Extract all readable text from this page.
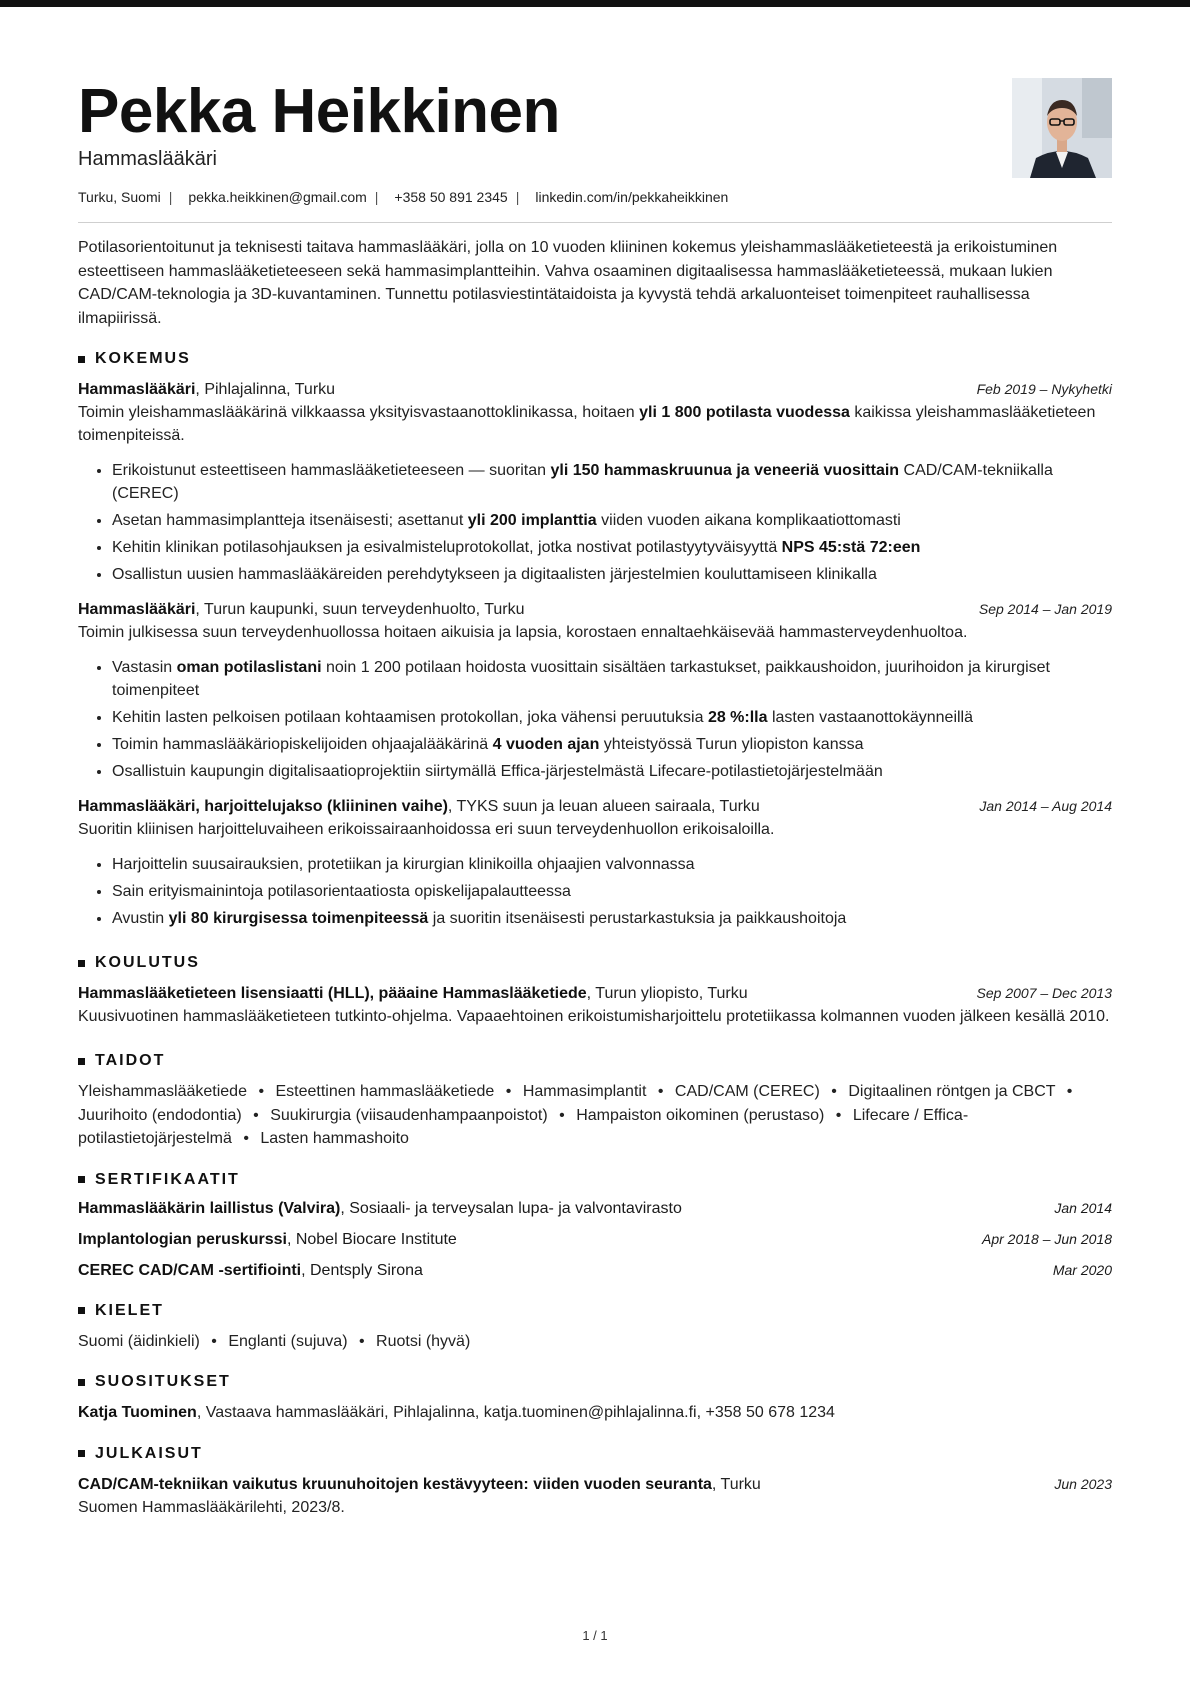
Pekka Heikkinen
Hammaslääkäri
Turku, Suomi | pekka.heikkinen@gmail.com | +358 50 891 2345 | linkedin.com/in/pekkaheikkinen
Potilasorientoitunut ja teknisesti taitava hammaslääkäri, jolla on 10 vuoden kliininen kokemus yleishammaslääketieteestä ja erikoistuminen esteettiseen hammaslääketieteeseen sekä hammasimplantteihin. Vahva osaaminen digitaalisessa hammaslääketieteessä, mukaan lukien CAD/CAM-teknologia ja 3D-kuvantaminen. Tunnettu potilasviestintätaidoista ja kyvystä tehdä arkaluonteiset toimenpiteet rauhallisessa ilmapiirissä.
KOKEMUS
Hammaslääkäri, Pihlajalinna, Turku	Feb 2019 – Nykyhetki
Toimin yleishammaslääkärinä vilkkaassa yksityisvastaanottoklinikassa, hoitaen yli 1 800 potilasta vuodessa kaikissa yleishammaslääketieteen toimenpiteissä.
• Erikoistunut esteettiseen hammaslääketieteeseen — suoritan yli 150 hammaskruunua ja veneeriä vuosittain CAD/CAM-tekniikalla (CEREC)
• Asetan hammasimplantteja itsenäisesti; asettanut yli 200 implanttia viiden vuoden aikana komplikaatiottomasti
• Kehitin klinikan potilasohjauksen ja esivalmisteluprotokollat, jotka nostivat potilastyytyväisyyttä NPS 45:stä 72:een
• Osallistun uusien hammaslääkäreiden perehdytykseen ja digitaalisten järjestelmien kouluttamiseen klinikalla
Hammaslääkäri, Turun kaupunki, suun terveydenhuolto, Turku	Sep 2014 – Jan 2019
Toimin julkisessa suun terveydenhuollossa hoitaen aikuisia ja lapsia, korostaen ennaltaehkäisevää hammasterveydenhuoltoa.
• Vastasin oman potilaslistani noin 1 200 potilaan hoidosta vuosittain sisältäen tarkastukset, paikkaushoidon, juurihoidon ja kirurgiset toimenpiteet
• Kehitin lasten pelkoisen potilaan kohtaamisen protokollan, joka vähensi peruutuksia 28 %:lla lasten vastaanottokäynneillä
• Toimin hammaslääkäriopiskelijoiden ohjaajalääkärinä 4 vuoden ajan yhteistyössä Turun yliopiston kanssa
• Osallistuin kaupungin digitalisaatioprojektiin siirtymällä Effica-järjestelmästä Lifecare-potilastietojärjestelmään
Hammaslääkäri, harjoittelujakso (kliininen vaihe), TYKS suun ja leuan alueen sairaala, Turku	Jan 2014 – Aug 2014
Suoritin kliinisen harjoitteluvaiheen erikoissairaanhoidossa eri suun terveydenhuollon erikoisaloilla.
• Harjoittelin suusairauksien, protetiikan ja kirurgian klinikoilla ohjaajien valvonnassa
• Sain erityismainintoja potilasorientaatiosta opiskelijapalautteessa
• Avustin yli 80 kirurgisessa toimenpiteessä ja suoritin itsenäisesti perustarkastuksia ja paikkaushoitoja
KOULUTUS
Hammaslääketieteen lisensiaatti (HLL), pääaine Hammaslääketiede, Turun yliopisto, Turku	Sep 2007 – Dec 2013
Kuusivuotinen hammaslääketieteen tutkinto-ohjelma. Vapaaehtoinen erikoistumisharjoittelu protetiikassa kolmannen vuoden jälkeen kesällä 2010.
TAIDOT
Yleishammaslääketiede • Esteettinen hammaslääketiede • Hammasimplantit • CAD/CAM (CEREC) • Digitaalinen röntgen ja CBCT • Juurihoito (endodontia) • Suukirurgia (viisaudenhampaanpoistot) • Hampaiston oikominen (perustaso) • Lifecare / Effica-potilastietojärjestelmä • Lasten hammashoito
SERTIFIKAATIT
Hammaslääkärin laillistus (Valvira), Sosiaali- ja terveysalan lupa- ja valvontavirasto	Jan 2014
Implantologian peruskurssi, Nobel Biocare Institute	Apr 2018 – Jun 2018
CEREC CAD/CAM -sertifiointi, Dentsply Sirona	Mar 2020
KIELET
Suomi (äidinkieli) • Englanti (sujuva) • Ruotsi (hyvä)
SUOSITUKSET
Katja Tuominen, Vastaava hammaslääkäri, Pihlajalinna, katja.tuominen@pihlajalinna.fi, +358 50 678 1234
JULKAISUT
CAD/CAM-tekniikan vaikutus kruunuhoitojen kestävyyteen: viiden vuoden seuranta, Turku	Jun 2023
Suomen Hammaslääkärilehti, 2023/8.
1 / 1
